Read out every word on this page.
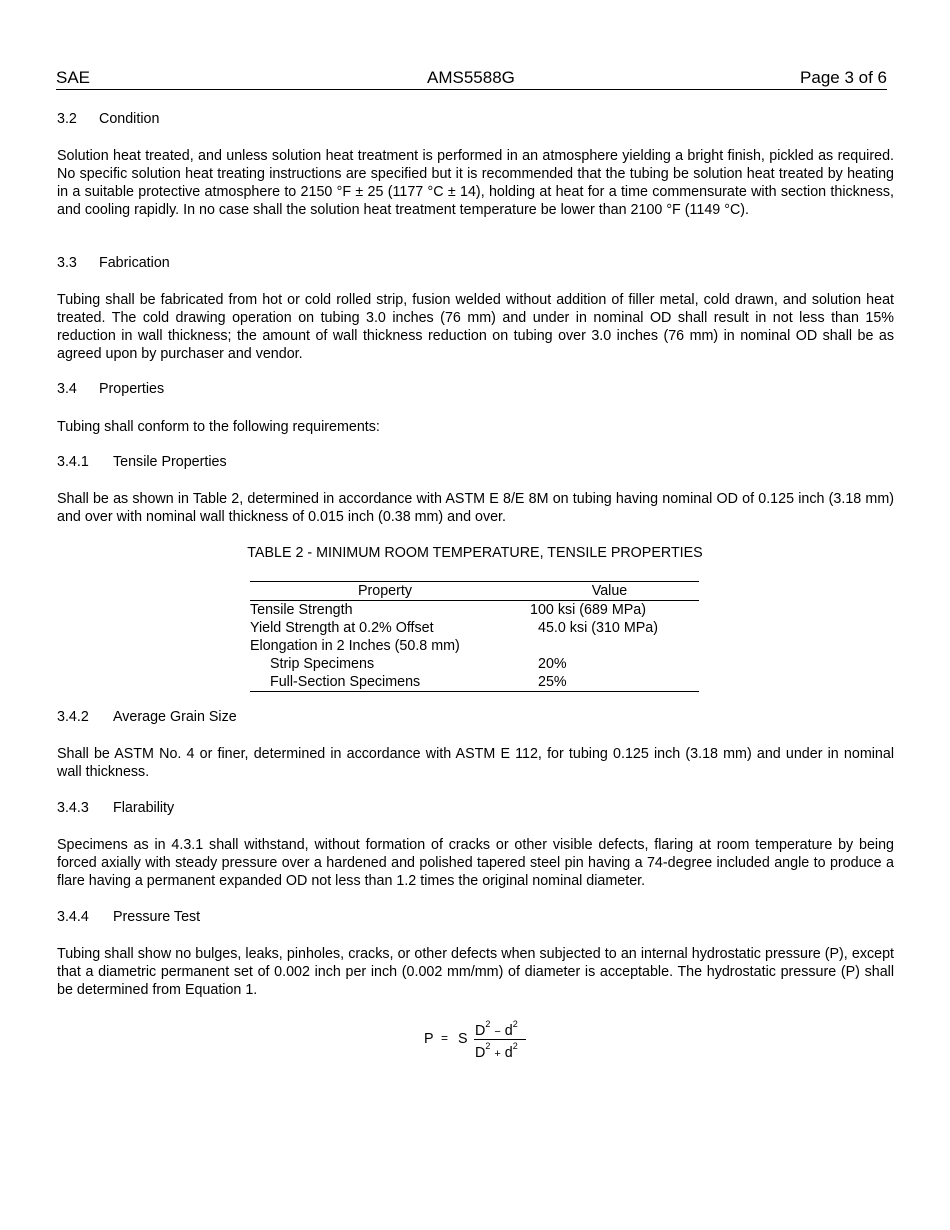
SAE	AMS5588G	Page 3 of 6
3.2 Condition

Solution heat treated, and unless solution heat treatment is performed in an atmosphere yielding a bright finish, pickled as required. No specific solution heat treating instructions are specified but it is recommended that the tubing be solution heat treated by heating in a suitable protective atmosphere to 2150 °F ± 25 (1177 °C ± 14), holding at heat for a time commensurate with section thickness, and cooling rapidly. In no case shall the solution heat treatment temperature be lower than 2100 °F (1149 °C).

3.3 Fabrication

Tubing shall be fabricated from hot or cold rolled strip, fusion welded without addition of filler metal, cold drawn, and solution heat treated. The cold drawing operation on tubing 3.0 inches (76 mm) and under in nominal OD shall result in not less than 15% reduction in wall thickness; the amount of wall thickness reduction on tubing over 3.0 inches (76 mm) in nominal OD shall be as agreed upon by purchaser and vendor.

3.4 Properties

Tubing shall conform to the following requirements:

3.4.1 Tensile Properties

Shall be as shown in Table 2, determined in accordance with ASTM E 8/E 8M on tubing having nominal OD of 0.125 inch (3.18 mm) and over with nominal wall thickness of 0.015 inch (0.38 mm) and over.

TABLE 2 - MINIMUM ROOM TEMPERATURE, TENSILE PROPERTIES
Property	Value
Tensile Strength	100 ksi (689 MPa)
Yield Strength at 0.2% Offset	45.0 ksi (310 MPa)
Elongation in 2 Inches (50.8 mm)	
Strip Specimens	20%
Full-Section Specimens	25%
3.4.2 Average Grain Size

Shall be ASTM No. 4 or finer, determined in accordance with ASTM E 112, for tubing 0.125 inch (3.18 mm) and under in nominal wall thickness.

3.4.3 Flarability

Specimens as in 4.3.1 shall withstand, without formation of cracks or other visible defects, flaring at room temperature by being forced axially with steady pressure over a hardened and polished tapered steel pin having a 74-degree included angle to produce a flare having a permanent expanded OD not less than 1.2 times the original nominal diameter.

3.4.4 Pressure Test

Tubing shall show no bulges, leaks, pinholes, cracks, or other defects when subjected to an internal hydrostatic pressure (P), except that a diametric permanent set of 0.002 inch per inch (0.002 mm/mm) of diameter is acceptable. The hydrostatic pressure (P) shall be determined from Equation 1.

P = S
$D^2 - d^2$
$D^2 + d^2$
